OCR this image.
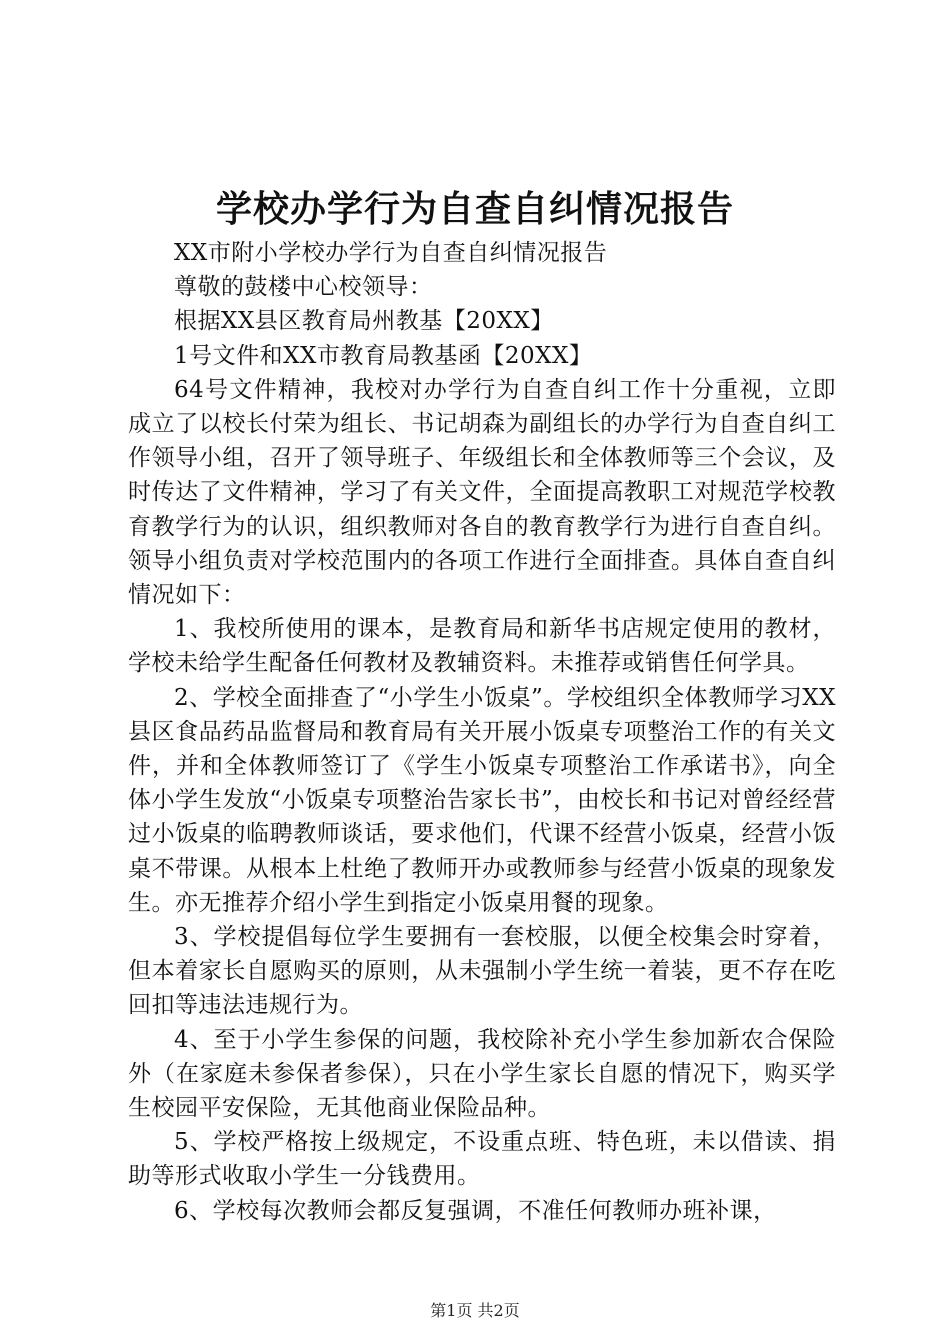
学校办学行为自查自纠情况报告

XX市附小学校办学行为自查自纠情况报告

尊敬的鼓楼中心校领导：

根据XX县区教育局州教基【20XX】

1号文件和XX市教育局教基函【20XX】

64号文件精神，我校对办学行为自查自纠工作十分重视，立即成立了以校长付荣为组长、书记胡森为副组长的办学行为自查自纠工作领导小组，召开了领导班子、年级组长和全体教师等三个会议，及时传达了文件精神，学习了有关文件，全面提高教职工对规范学校教育教学行为的认识，组织教师对各自的教育教学行为进行自查自纠。领导小组负责对学校范围内的各项工作进行全面排查。具体自查自纠情况如下：

1、我校所使用的课本，是教育局和新华书店规定使用的教材，学校未给学生配备任何教材及教辅资料。未推荐或销售任何学具。

2、学校全面排查了“小学生小饭桌”。学校组织全体教师学习XX县区食品药品监督局和教育局有关开展小饭桌专项整治工作的有关文件，并和全体教师签订了《学生小饭桌专项整治工作承诺书》，向全体小学生发放“小饭桌专项整治告家长书”，由校长和书记对曾经经营过小饭桌的临聘教师谈话，要求他们，代课不经营小饭桌，经营小饭桌不带课。从根本上杜绝了教师开办或教师参与经营小饭桌的现象发生。亦无推荐介绍小学生到指定小饭桌用餐的现象。

3、学校提倡每位学生要拥有一套校服，以便全校集会时穿着，但本着家长自愿购买的原则，从未强制小学生统一着装，更不存在吃回扣等违法违规行为。

4、至于小学生参保的问题，我校除补充小学生参加新农合保险外（在家庭未参保者参保），只在小学生家长自愿的情况下，购买学生校园平安保险，无其他商业保险品种。

5、学校严格按上级规定，不设重点班、特色班，未以借读、捐助等形式收取小学生一分钱费用。

6、学校每次教师会都反复强调，不准任何教师办班补课，

第1页 共2页
